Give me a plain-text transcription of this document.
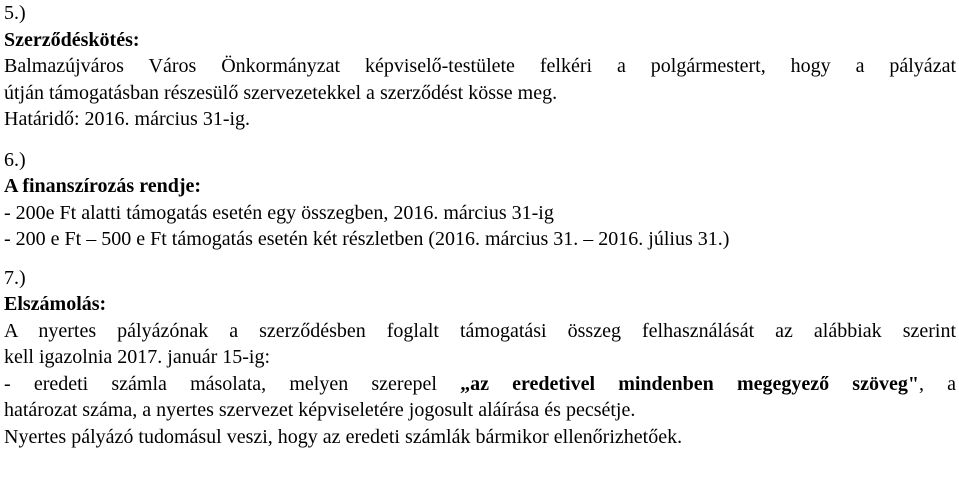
5.)
Szerződéskötés:
Balmazújváros Város Önkormányzat képviselő-testülete felkéri a polgármestert, hogy a pályázat
útján támogatásban részesülő szervezetekkel a szerződést kösse meg.
Határidő: 2016. március 31-ig.
6.)
A finanszírozás rendje:
- 200e Ft alatti támogatás esetén egy összegben, 2016. március 31-ig
- 200 e Ft – 500 e Ft támogatás esetén két részletben (2016. március 31. – 2016. július 31.)
7.)
Elszámolás:
A nyertes pályázónak a szerződésben foglalt támogatási összeg felhasználását az alábbiak szerint
kell igazolnia 2017. január 15-ig:
- eredeti számla másolata, melyen szerepel „az eredetivel mindenben megegyező szöveg", a
határozat száma, a nyertes szervezet képviseletére jogosult aláírása és pecsétje.
Nyertes pályázó tudomásul veszi, hogy az eredeti számlák bármikor ellenőrizhetőek.
